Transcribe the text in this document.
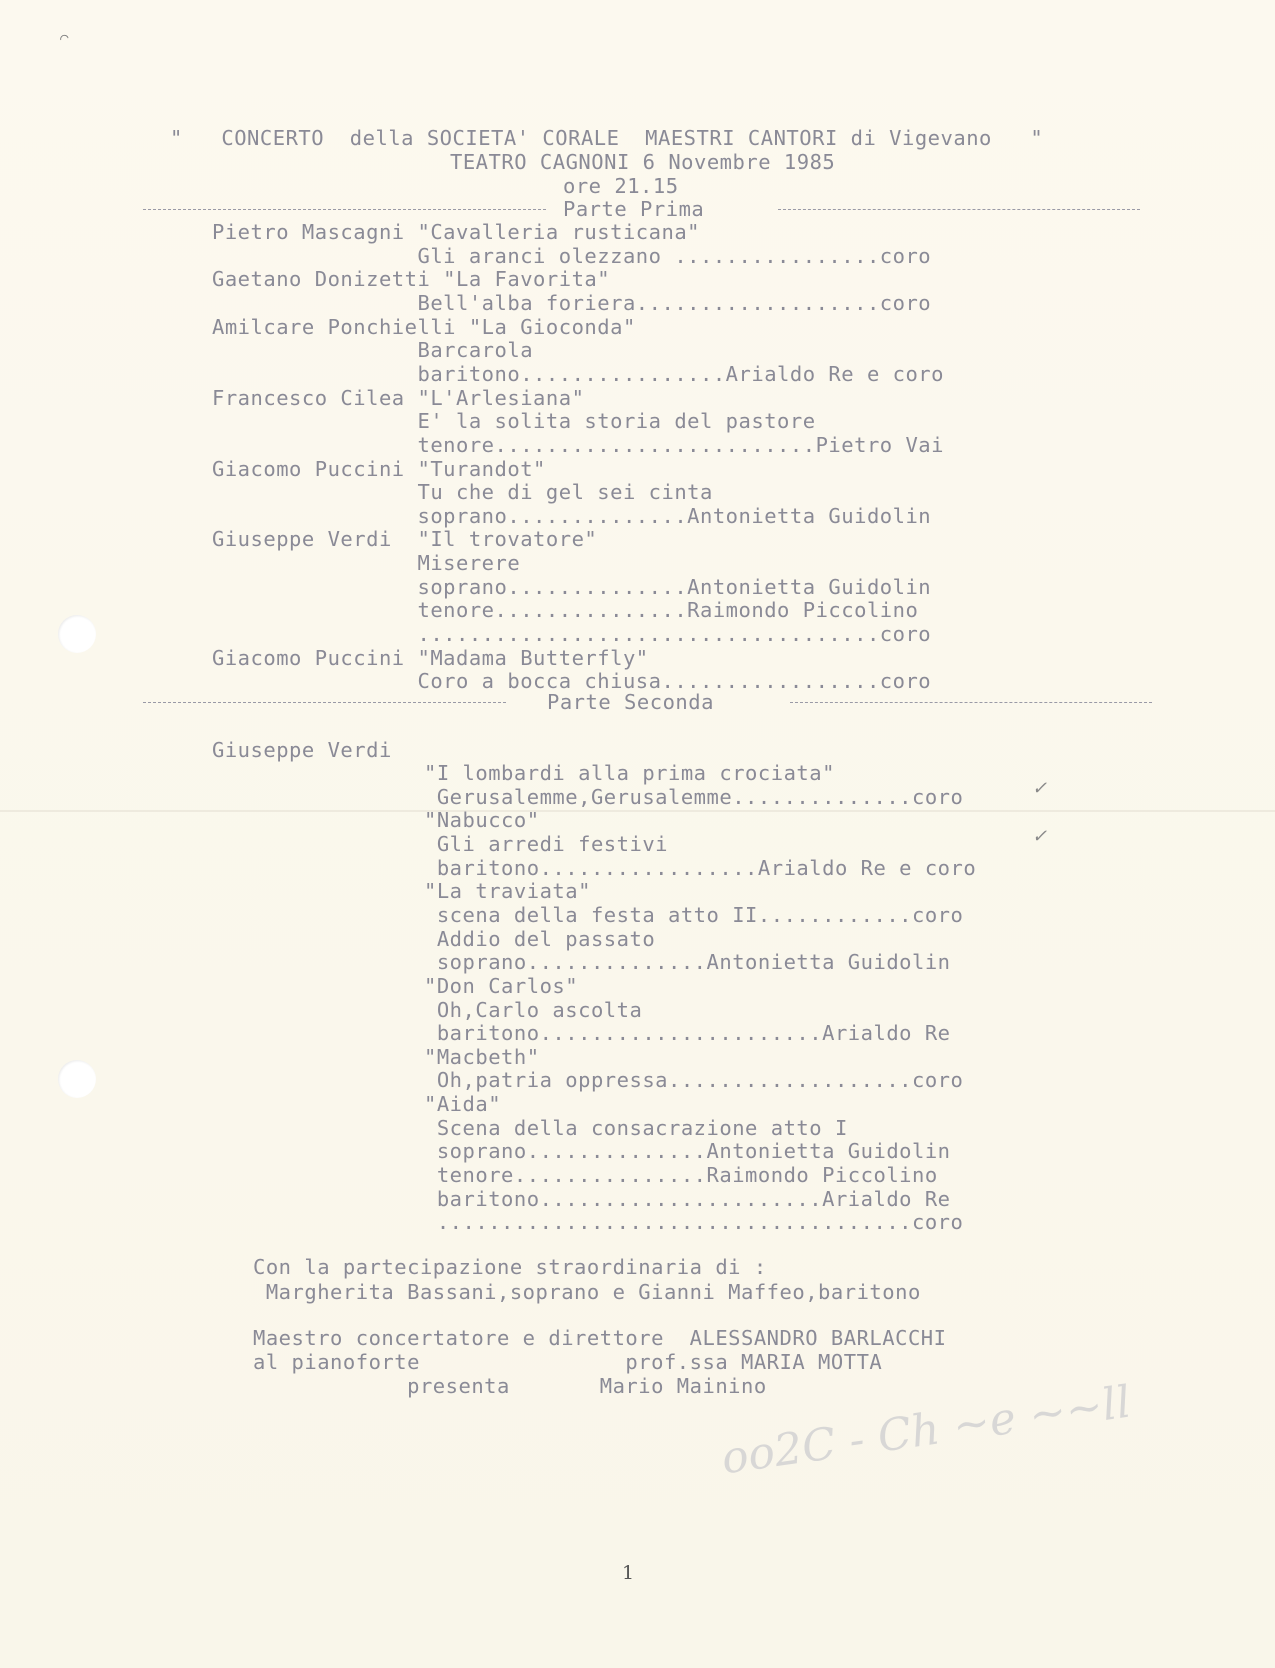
⌒
"   CONCERTO  della SOCIETA' CORALE  MAESTRI CANTORI di Vigevano   "
TEATRO CAGNONI 6 Novembre 1985
ore 21.15
Parte Prima
Pietro Mascagni "Cavalleria rusticana"
Gli aranci olezzano ................coro
Gaetano Donizetti "La Favorita"
Bell'alba foriera...................coro
Amilcare Ponchielli "La Gioconda"
Barcarola
baritono................Arialdo Re e coro
Francesco Cilea "L'Arlesiana"
E' la solita storia del pastore
tenore.........................Pietro Vai
Giacomo Puccini "Turandot"
Tu che di gel sei cinta
soprano..............Antonietta Guidolin
Giuseppe Verdi  "Il trovatore"
Miserere
soprano..............Antonietta Guidolin
tenore...............Raimondo Piccolino
....................................coro
Giacomo Puccini "Madama Butterfly"
Coro a bocca chiusa.................coro
Parte Seconda
Giuseppe Verdi
"I lombardi alla prima crociata"
Gerusalemme,Gerusalemme..............coro
"Nabucco"
Gli arredi festivi
baritono.................Arialdo Re e coro
"La traviata"
scena della festa atto II............coro
Addio del passato
soprano..............Antonietta Guidolin
"Don Carlos"
Oh,Carlo ascolta
baritono......................Arialdo Re
"Macbeth"
Oh,patria oppressa...................coro
"Aida"
Scena della consacrazione atto I
soprano..............Antonietta Guidolin
tenore...............Raimondo Piccolino
baritono......................Arialdo Re
.....................................coro
Con la partecipazione straordinaria di :
Margherita Bassani,soprano e Gianni Maffeo,baritono
Maestro concertatore e direttore  ALESSANDRO BARLACCHI
al pianoforte                prof.ssa MARIA MOTTA
presenta       Mario Mainino
oo2C - Ch ~e ~~ll
✓
✓
1
